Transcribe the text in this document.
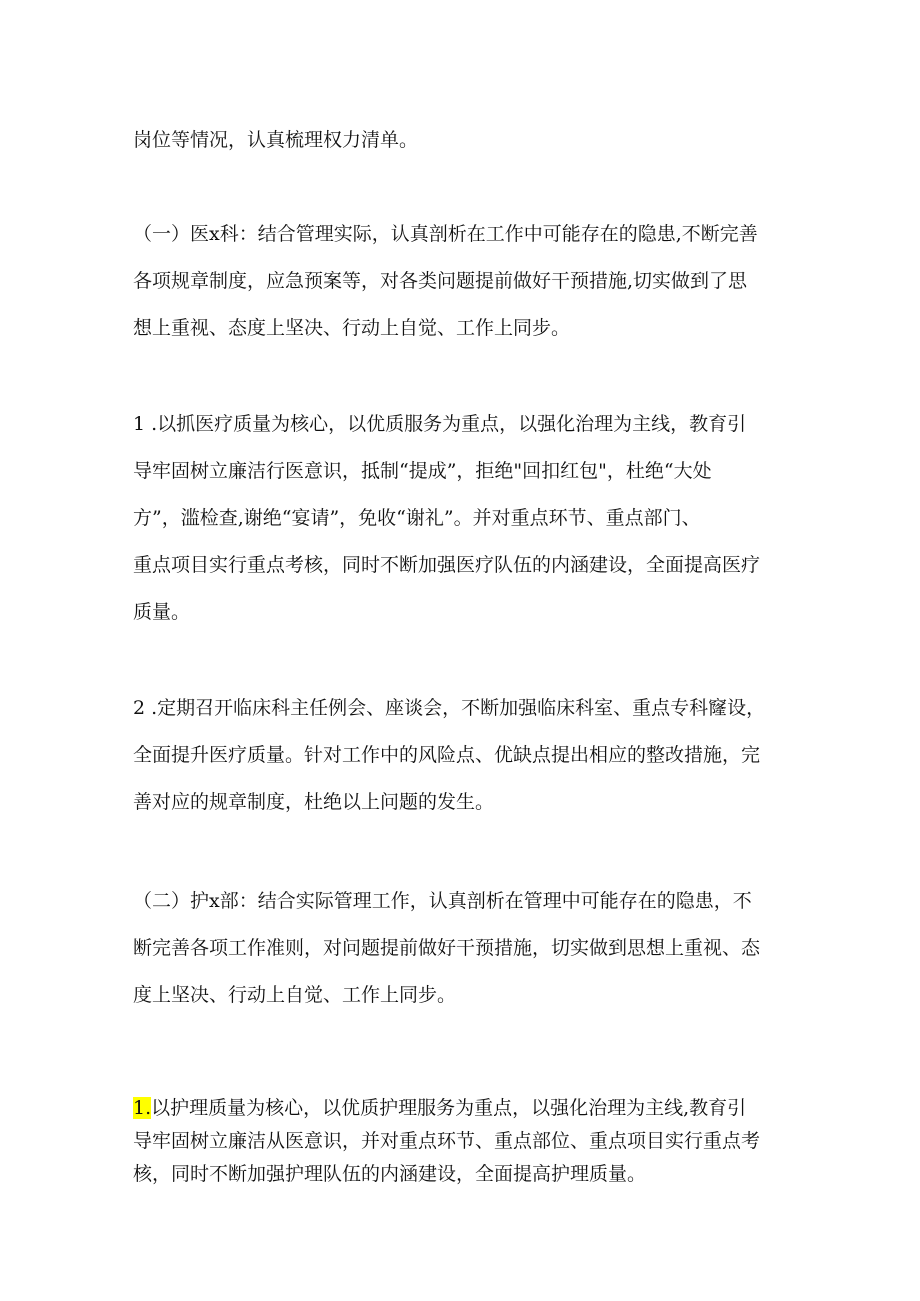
岗位等情况，认真梳理权力清单。
（一）医x科：结合管理实际，认真剖析在工作中可能存在的隐患,不断完善
各项规章制度，应急预案等，对各类问题提前做好干预措施,切实做到了思
想上重视、态度上坚决、行动上自觉、工作上同步。
1 .以抓医疗质量为核心，以优质服务为重点，以强化治理为主线，教育引
导牢固树立廉洁行医意识，抵制“提成”，拒绝"回扣红包"，杜绝“大处
方”，滥检查,谢绝“宴请”，免收“谢礼”。并对重点环节、重点部门、
重点项目实行重点考核，同时不断加强医疗队伍的内涵建设，全面提高医疗
质量。
2 .定期召开临床科主任例会、座谈会，不断加强临床科室、重点专科窿设，
全面提升医疗质量。针对工作中的风险点、优缺点提出相应的整改措施，完
善对应的规章制度，杜绝以上问题的发生。
（二）护x部：结合实际管理工作，认真剖析在管理中可能存在的隐患，不
断完善各项工作准则，对问题提前做好干预措施，切实做到思想上重视、态
度上坚决、行动上自觉、工作上同步。
1.以护理质量为核心，以优质护理服务为重点，以强化治理为主线,教育引
导牢固树立廉洁从医意识，并对重点环节、重点部位、重点项目实行重点考
核，同时不断加强护理队伍的内涵建设，全面提高护理质量。
